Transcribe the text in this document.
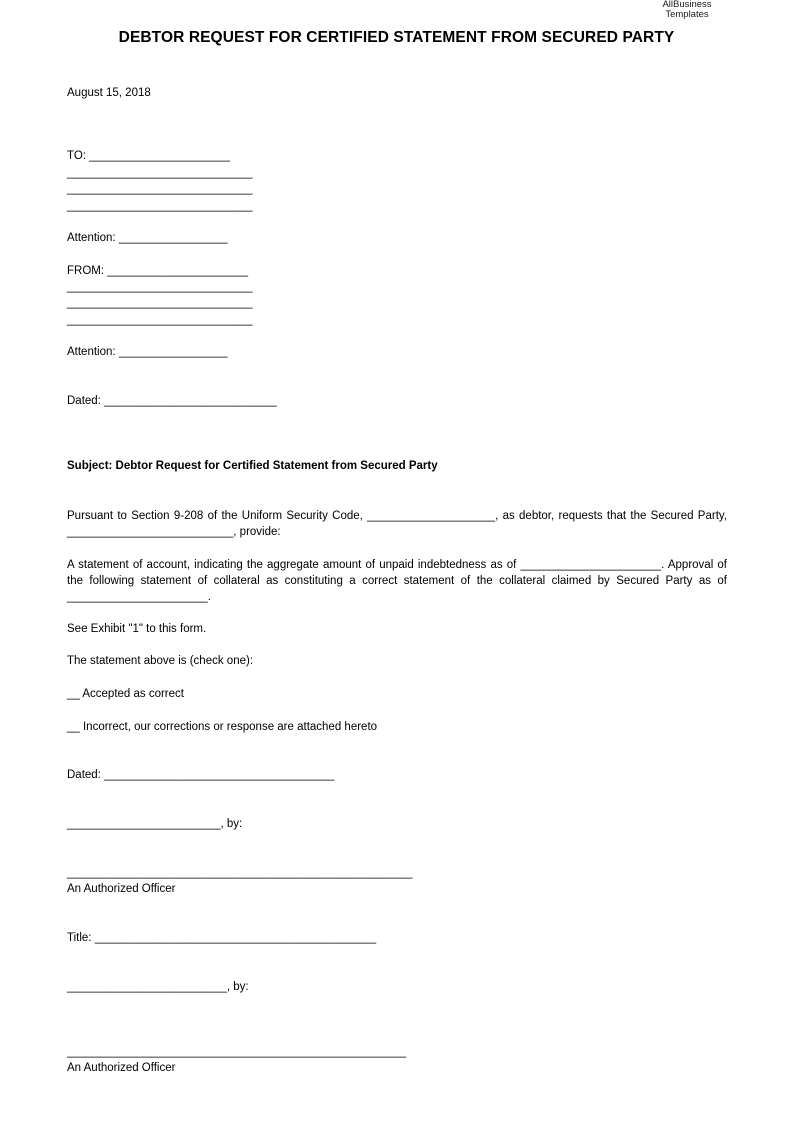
AllBusiness
Templates
DEBTOR REQUEST FOR CERTIFIED STATEMENT FROM SECURED PARTY
August 15, 2018
TO: ______________________
_____________________________
_____________________________
_____________________________
Attention: _________________
FROM: ______________________
_____________________________
_____________________________
_____________________________
Attention: _________________
Dated: ___________________________
Subject: Debtor Request for Certified Statement from Secured Party
Pursuant to Section 9-208 of the Uniform Security Code, ____________________, as debtor, requests that the Secured Party, __________________________, provide:
A statement of account, indicating the aggregate amount of unpaid indebtedness as of ______________________. Approval of the following statement of collateral as constituting a correct statement of the collateral claimed by Secured Party as of ______________________.
See Exhibit "1" to this form.
The statement above is (check one):
__ Accepted as correct
__ Incorrect, our corrections or response are attached hereto
Dated: ____________________________________
________________________, by:
______________________________________________________
An Authorized Officer
Title: ____________________________________________
_________________________, by:
_____________________________________________________
An Authorized Officer
